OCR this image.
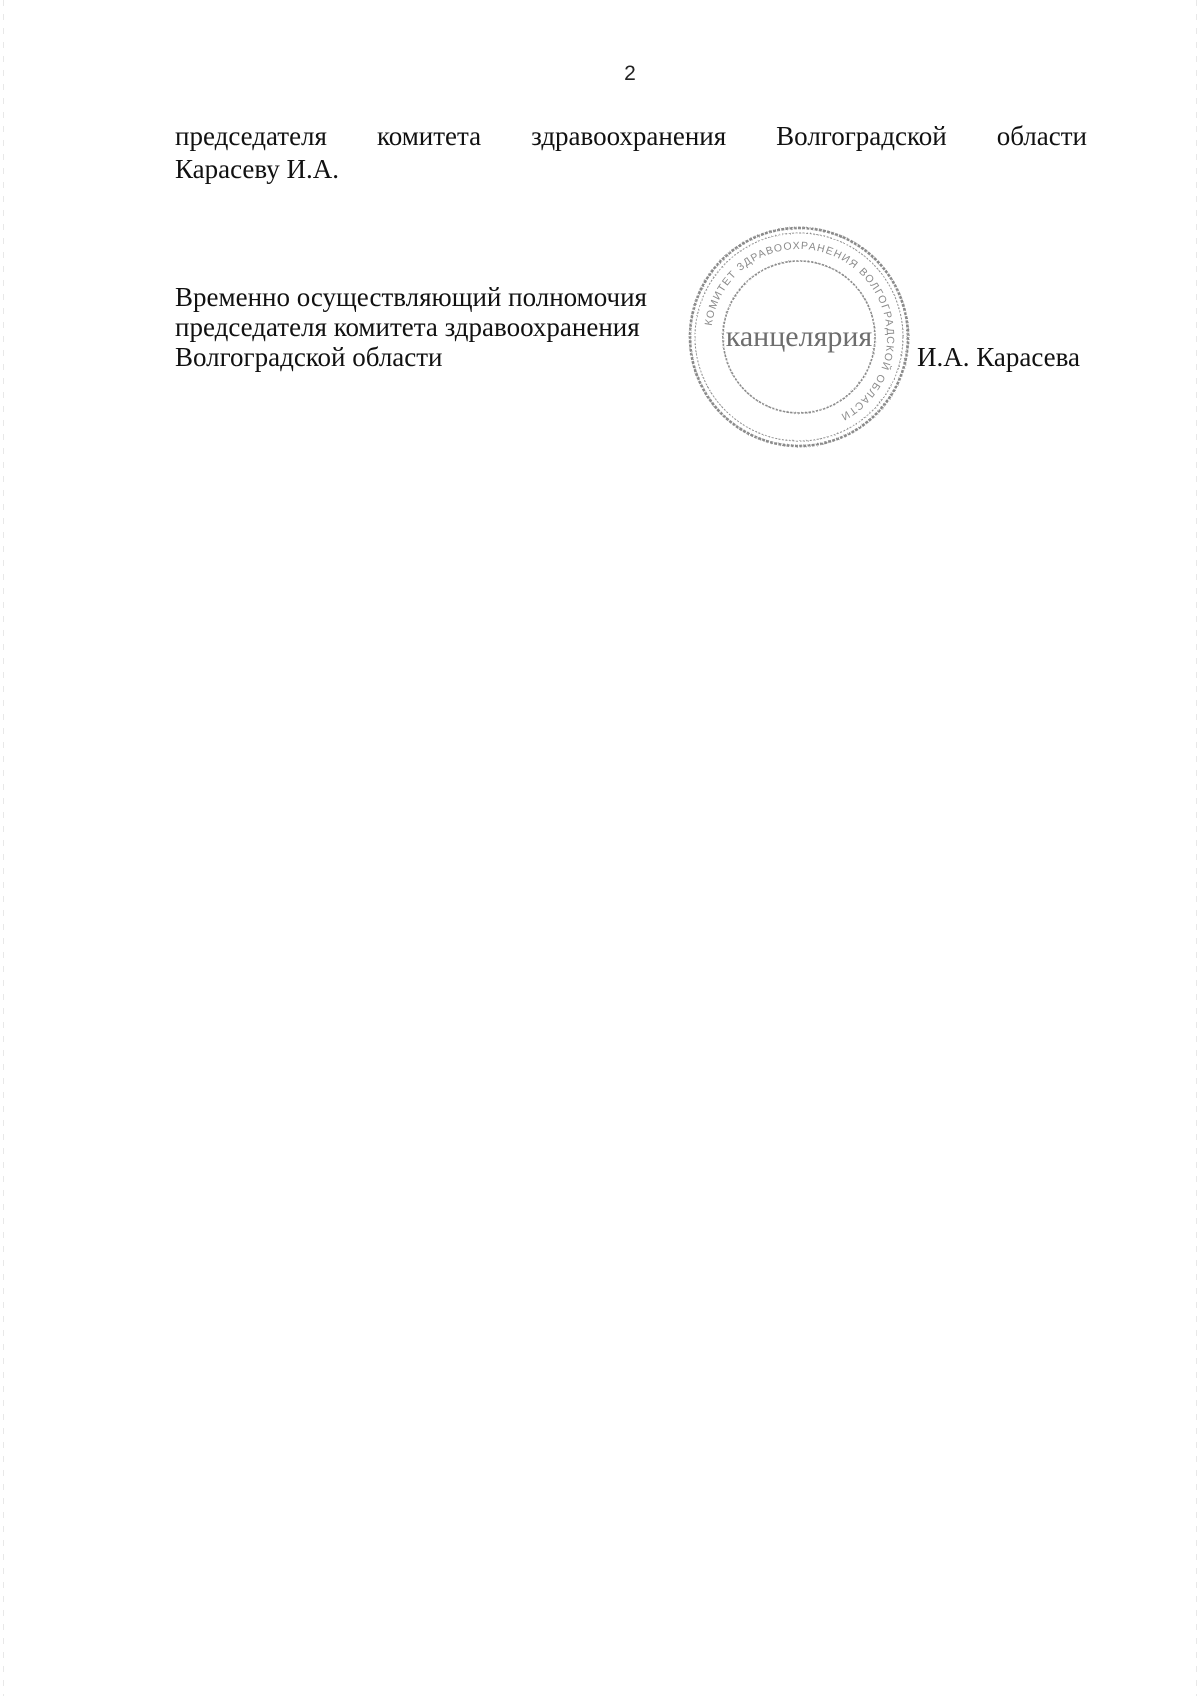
2
председателя комитета здравоохранения Волгоградской области
Карасеву И.А.
Временно осуществляющий полномочия
председателя комитета здравоохранения
Волгоградской области
КОМИТЕТ ЗДРАВООХРАНЕНИЯ ВОЛГОГРАДСКОЙ ОБЛАСТИ
канцелярия
И.А. Карасева
